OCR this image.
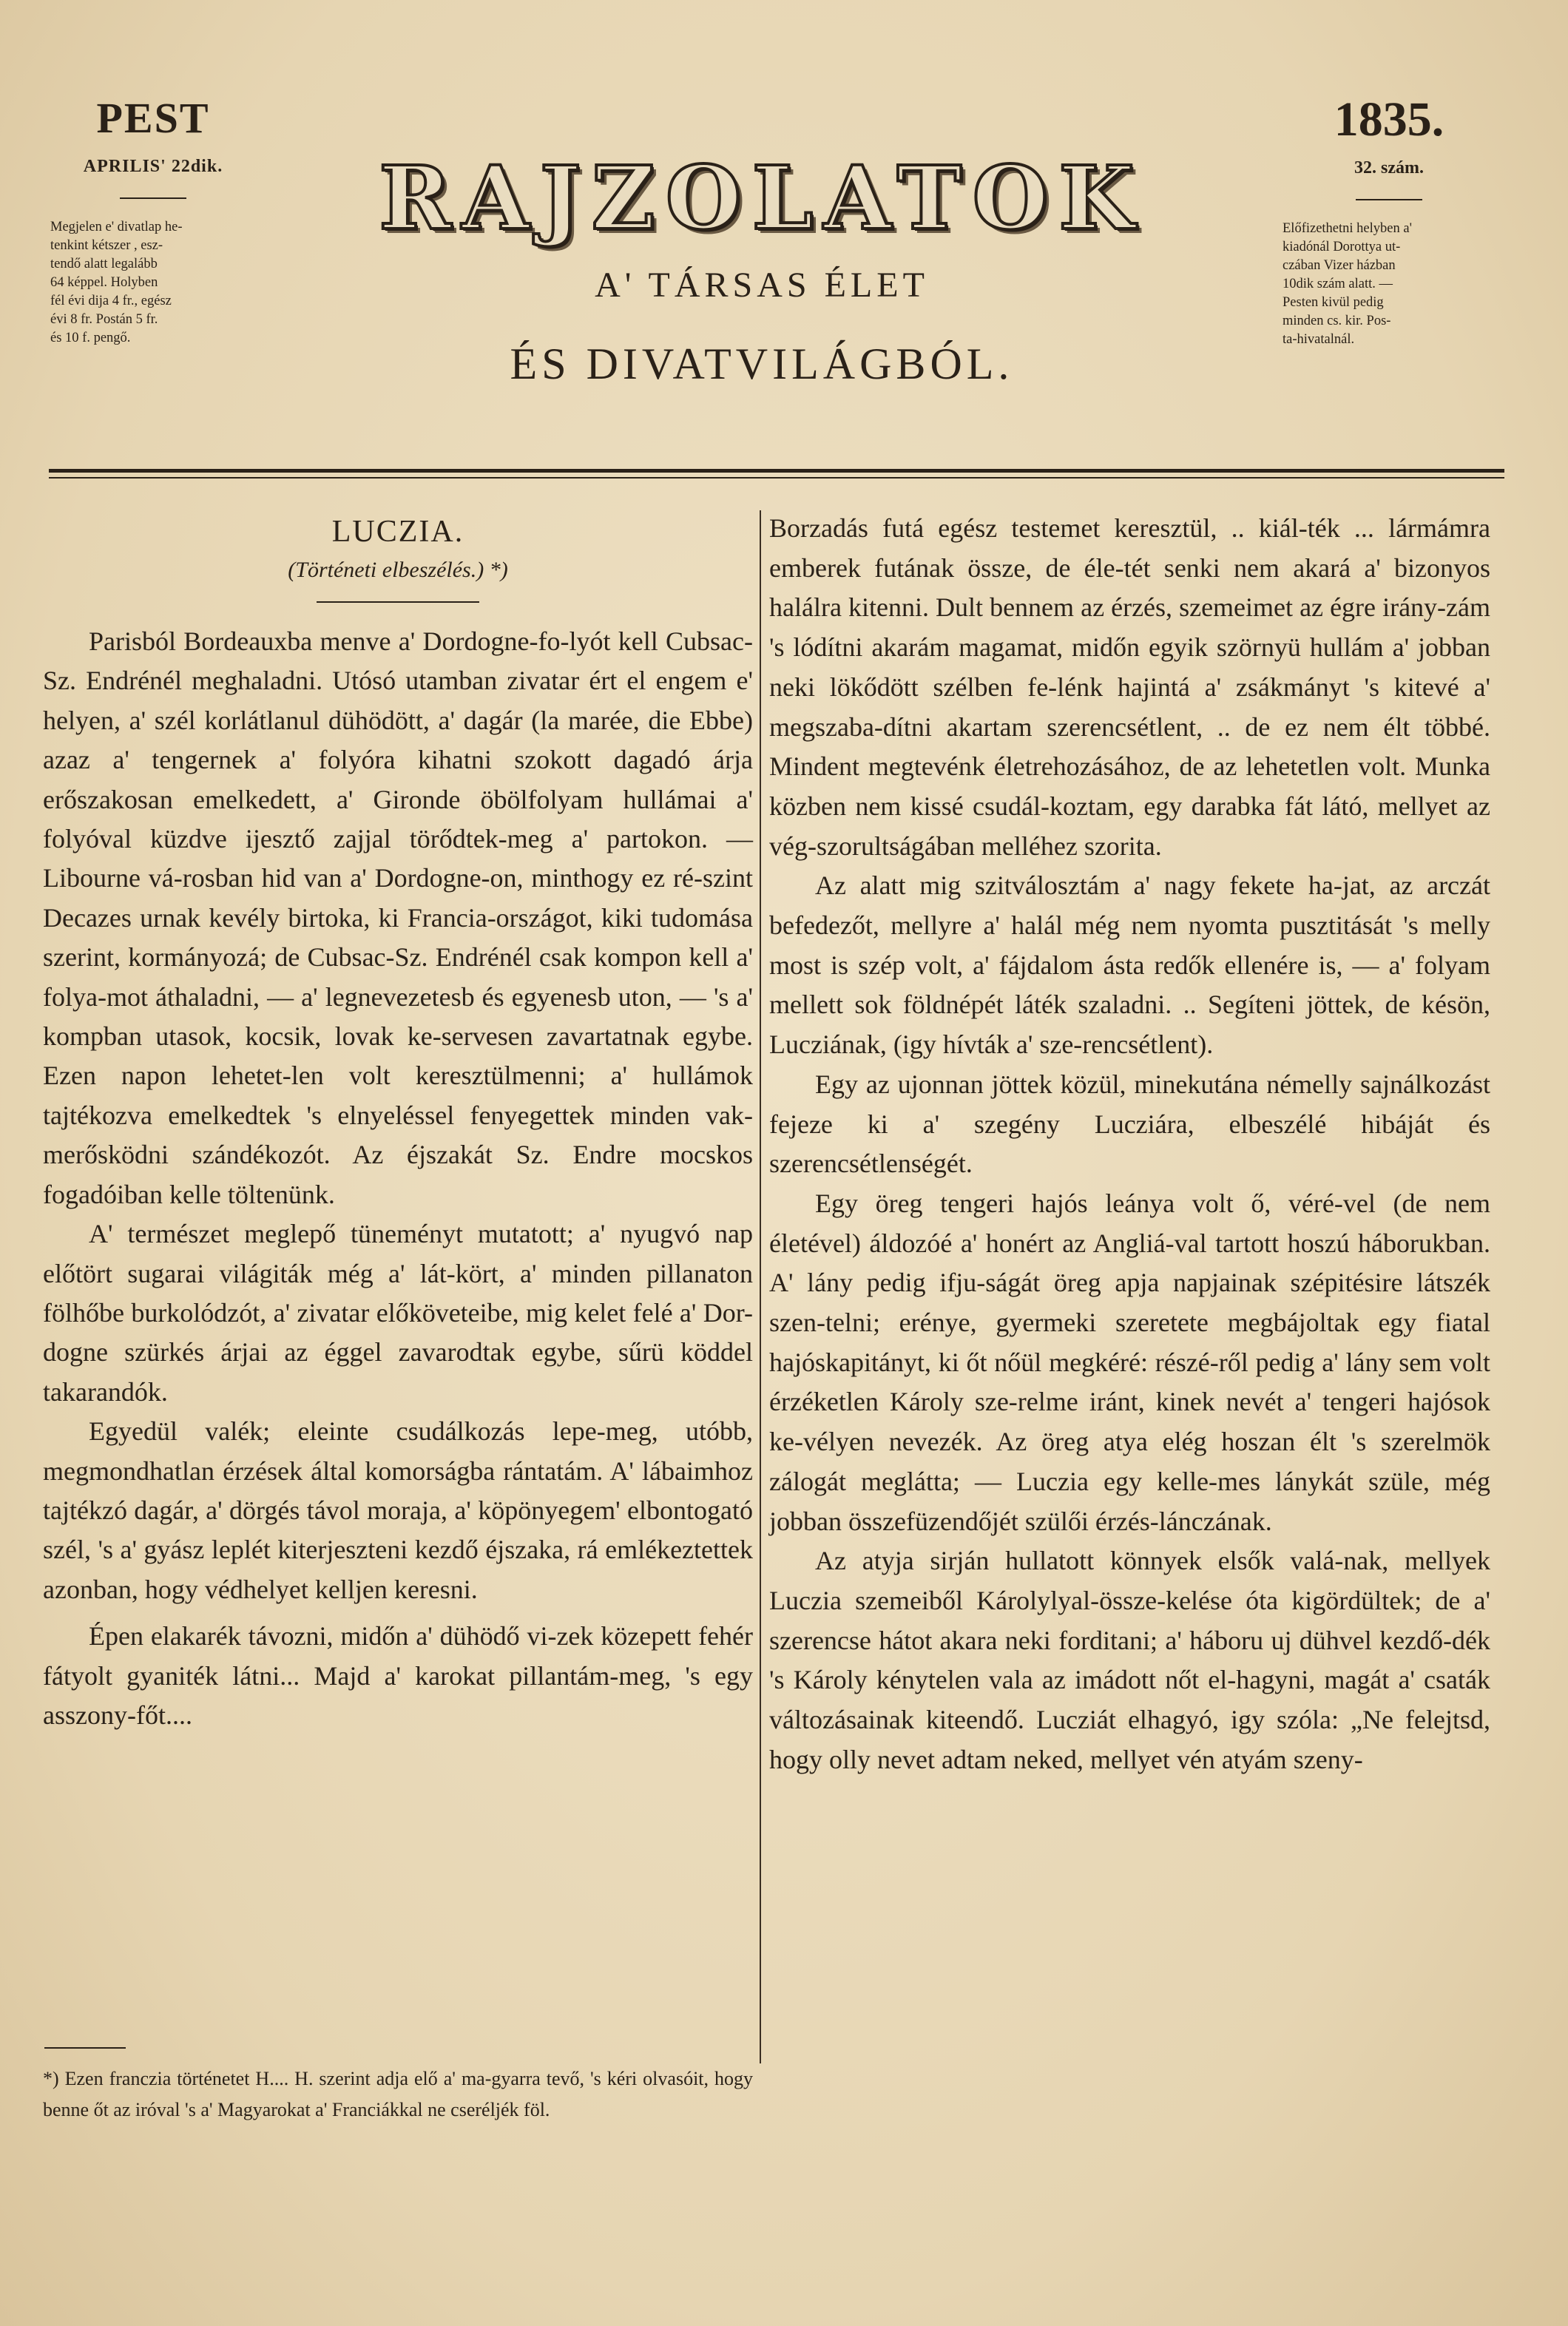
PEST
APRILIS' 22dik.
Megjelen e' divatlap he-
tenkint kétszer , esz-
tendő alatt legalább
64 képpel. Holyben
fél évi dija 4 fr., egész
évi 8 fr. Postán 5 fr.
és 10 f. pengő.
RAJZOLATOK
A' TÁRSAS ÉLET
ÉS DIVATVILÁGBÓL.
1835.
32. szám.
Előfizethetni helyben a'
kiadónál Dorottya ut-
czában Vizer házban
10dik szám alatt. —
Pesten kivül pedig
minden cs. kir. Pos-
ta-hivatalnál.
LUCZIA.
(Történeti elbeszélés.) *)

Parisból Bordeauxba menve a' Dordogne-fo-lyót kell Cubsac-Sz. Endrénél meghaladni. Utósó utamban zivatar ért el engem e' helyen, a' szél korlátlanul dühödött, a' dagár (la marée, die Ebbe) azaz a' tengernek a' folyóra kihatni szokott dagadó árja erőszakosan emelkedett, a' Gironde öbölfolyam hullámai a' folyóval küzdve ijesztő zajjal törődtek-meg a' partokon. — Libourne vá-rosban hid van a' Dordogne-on, minthogy ez ré-szint Decazes urnak kevély birtoka, ki Francia-országot, kiki tudomása szerint, kormányozá; de Cubsac-Sz. Endrénél csak kompon kell a' folya-mot áthaladni, — a' legnevezetesb és egyenesb uton, — 's a' kompban utasok, kocsik, lovak ke-servesen zavartatnak egybe. Ezen napon lehetet-len volt keresztülmenni; a' hullámok tajtékozva emelkedtek 's elnyeléssel fenyegettek minden vak-merősködni szándékozót. Az éjszakát Sz. Endre mocskos fogadóiban kelle töltenünk.

A' természet meglepő tüneményt mutatott; a' nyugvó nap előtört sugarai világiták még a' lát-kört, a' minden pillanaton fölhőbe burkolódzót, a' zivatar előköveteibe, mig kelet felé a' Dor-dogne szürkés árjai az éggel zavarodtak egybe, sűrü köddel takarandók.

Egyedül valék; eleinte csudálkozás lepe-meg, utóbb, megmondhatlan érzések által komorságba rántatám. A' lábaimhoz tajtékzó dagár, a' dörgés távol moraja, a' köpönyegem' elbontogató szél, 's a' gyász leplét kiterjeszteni kezdő éjszaka, rá emlékeztettek azonban, hogy védhelyet kelljen keresni.

Épen elakarék távozni, midőn a' dühödő vi-zek közepett fehér fátyolt gyaniték látni... Majd a' karokat pillantám-meg, 's egy asszony-főt....

*) Ezen franczia történetet H.... H. szerint adja elő a' ma-gyarra tevő, 's kéri olvasóit, hogy benne őt az iróval 's a' Magyarokat a' Franciákkal ne cseréljék föl.

Borzadás futá egész testemet keresztül, .. kiál-ték ... lármámra emberek futának össze, de éle-tét senki nem akará a' bizonyos halálra kitenni. Dult bennem az érzés, szemeimet az égre irány-zám 's lódítni akarám magamat, midőn egyik szörnyü hullám a' jobban neki lökődött szélben fe-lénk hajintá a' zsákmányt 's kitevé a' megszaba-dítni akartam szerencsétlent, .. de ez nem élt többé. Mindent megtevénk életrehozásához, de az lehetetlen volt. Munka közben nem kissé csudál-koztam, egy darabka fát látó, mellyet az vég-szorultságában melléhez szorita.

Az alatt mig szitválosztám a' nagy fekete ha-jat, az arczát befedezőt, mellyre a' halál még nem nyomta pusztitását 's melly most is szép volt, a' fájdalom ásta redők ellenére is, — a' folyam mellett sok földnépét láték szaladni. .. Segíteni jöttek, de késön, Lucziának, (igy hívták a' sze-rencsétlent).

Egy az ujonnan jöttek közül, minekutána némelly sajnálkozást fejeze ki a' szegény Lucziára, elbeszélé hibáját és szerencsétlenségét.

Egy öreg tengeri hajós leánya volt ő, véré-vel (de nem életével) áldozóé a' honért az Angliá-val tartott hoszú háborukban. A' lány pedig ifju-ságát öreg apja napjainak szépitésire látszék szen-telni; erénye, gyermeki szeretete megbájoltak egy fiatal hajóskapitányt, ki őt nőül megkéré: részé-ről pedig a' lány sem volt érzéketlen Károly sze-relme iránt, kinek nevét a' tengeri hajósok ke-vélyen nevezék. Az öreg atya elég hoszan élt 's szerelmök zálogát meglátta; — Luczia egy kelle-mes lánykát szüle, még jobban összefüzendőjét szülői érzés-lánczának.

Az atyja sirján hullatott könnyek elsők valá-nak, mellyek Luczia szemeiből Károlylyal-össze-kelése óta kigördültek; de a' szerencse hátot akara neki forditani; a' háboru uj dühvel kezdő-dék 's Károly kénytelen vala az imádott nőt el-hagyni, magát a' csaták változásainak kiteendő. Lucziát elhagyó, igy szóla: „Ne felejtsd, hogy olly nevet adtam neked, mellyet vén atyám szeny-
